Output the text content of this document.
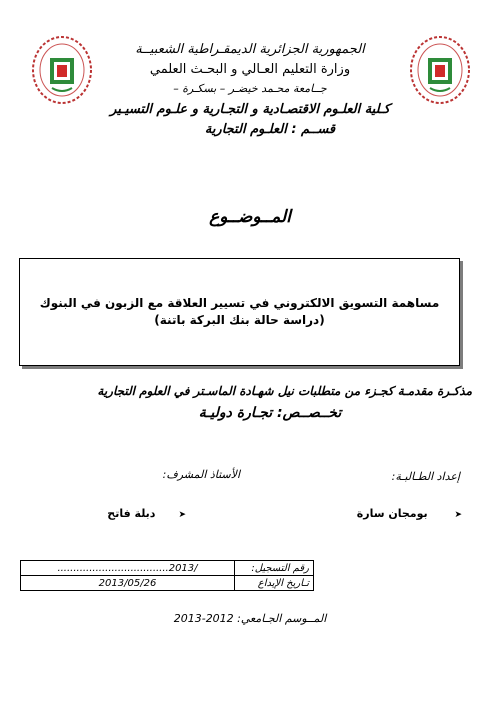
الجمهورية الجزائرية الديمقـراطية الشعبيــة
وزارة التعليم العـالي و البحـث العلمي
جــامعة محـمد خيضـر – بسكـرة –
كـلية العلـوم الاقتصـادية و التجـارية و علـوم التسيـير
قســم : العلـوم التجارية
المــوضــوع
مساهمة التسويق الالكتروني في تسيير العلاقة مع الزبون في البنوك
(دراسة حالة بنك البركة باتنة)
مذكـرة مقدمـة كجـزء من متطلبات نيل شهـادة الماسـتر في العلوم التجارية
تخــصــص: تجـارة دوليـة
إعداد الطـالبـة:
الأستاذ المشرف:
➤       بومجان سارة
➤      دبلة فاتح
...................................2013/	رقم التسجيل:
2013/05/26	تـاريخ الإيداع
المــوسم الجـامعي: 2012-2013
